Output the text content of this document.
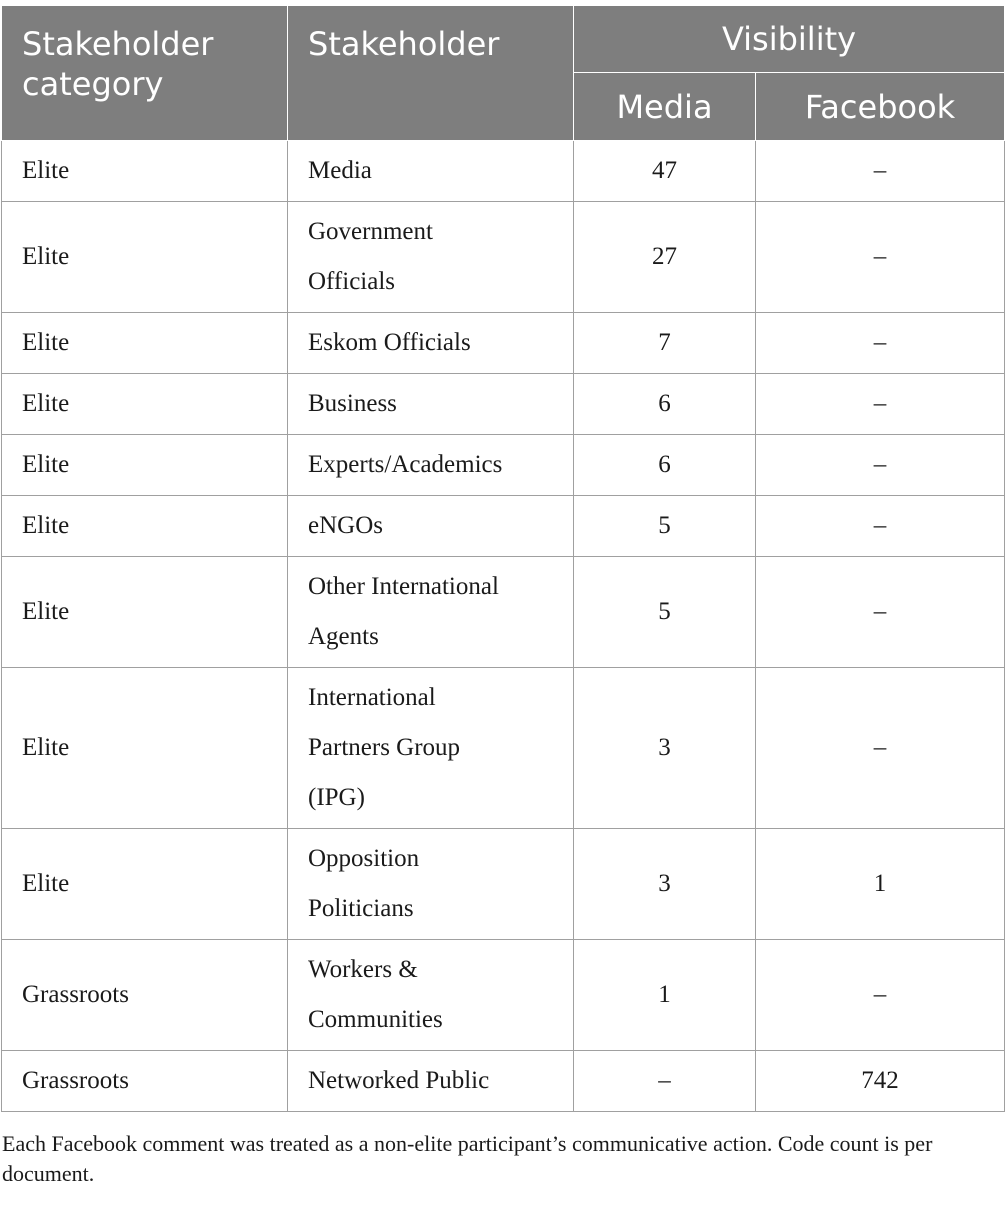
Stakeholder category	Stakeholder	Visibility	
		Media	Facebook
Elite	Media	47	–
Elite	Government Officials	27	–
Elite	Eskom Officials	7	–
Elite	Business	6	–
Elite	Experts/Academics	6	–
Elite	eNGOs	5	–
Elite	Other International Agents	5	–
Elite	International Partners Group (IPG)	3	–
Elite	Opposition Politicians	3	1
Grassroots	Workers & Communities	1	–
Grassroots	Networked Public	–	742
Each Facebook comment was treated as a non-elite participant’s communicative action. Code count is per document.
